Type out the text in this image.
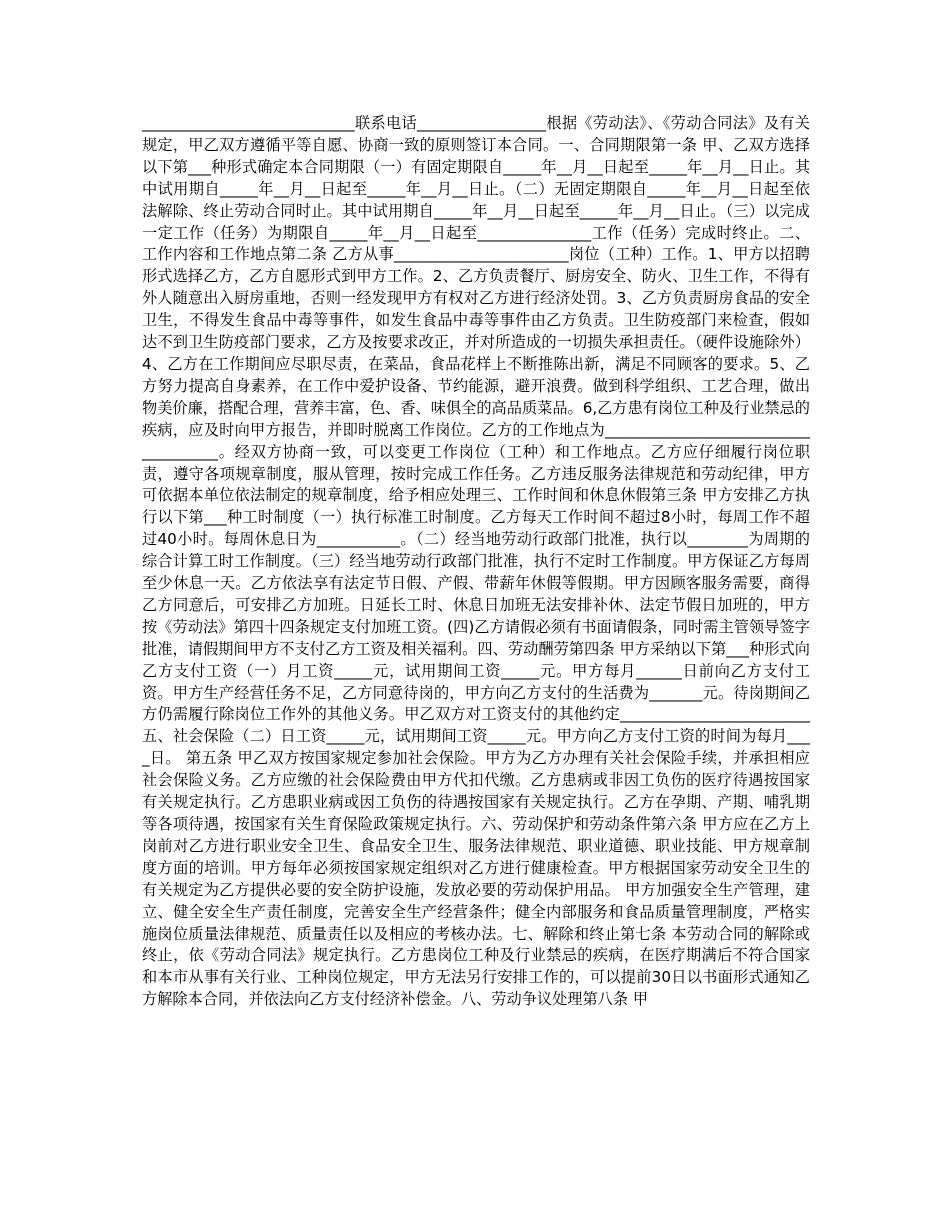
____________________________联系电话_________________根据《劳动法》、《劳动合同法》及有关规定，甲乙双方遵循平等自愿、协商一致的原则签订本合同。一、合同期限第一条 甲、乙双方选择以下第___种形式确定本合同期限（一）有固定期限自_____年__月__日起至_____年__月__日止。其中试用期自_____年__月__日起至_____年__月__日止。（二）无固定期限自_____年__月__日起至依法解除、终止劳动合同时止。其中试用期自_____年__月__日起至_____年__月__日止。（三）以完成一定工作（任务）为期限自_____年__月__日起至_______________工作（任务）完成时终止。二、工作内容和工作地点第二条 乙方从事_______________________岗位（工种）工作。1、甲方以招聘形式选择乙方，乙方自愿形式到甲方工作。2、乙方负责餐厅、厨房安全、防火、卫生工作，不得有外人随意出入厨房重地，否则一经发现甲方有权对乙方进行经济处罚。3、乙方负责厨房食品的安全卫生，不得发生食品中毒等事件，如发生食品中毒等事件由乙方负责。卫生防疫部门来检查，假如达不到卫生防疫部门要求，乙方及按要求改正，并对所造成的一切损失承担责任。（硬件设施除外）4、乙方在工作期间应尽职尽责，在菜品，食品花样上不断推陈出新，满足不同顾客的要求。5、乙方努力提高自身素养，在工作中爱护设备、节约能源，避开浪费。做到科学组织、工艺合理，做出物美价廉，搭配合理，营养丰富，色、香、味俱全的高品质菜品。6,乙方患有岗位工种及行业禁忌的疾病，应及时向甲方报告，并即时脱离工作岗位。乙方的工作地点为_____________________________________。经双方协商一致，可以变更工作岗位（工种）和工作地点。乙方应仔细履行岗位职责，遵守各项规章制度，服从管理，按时完成工作任务。乙方违反服务法律规范和劳动纪律，甲方可依据本单位依法制定的规章制度，给予相应处理三、工作时间和休息休假第三条 甲方安排乙方执行以下第___种工时制度（一）执行标准工时制度。乙方每天工作时间不超过8小时，每周工作不超过40小时。每周休息日为___________。（二）经当地劳动行政部门批准，执行以________为周期的综合计算工时工作制度。（三）经当地劳动行政部门批准，执行不定时工作制度。甲方保证乙方每周至少休息一天。乙方依法享有法定节日假、产假、带薪年休假等假期。甲方因顾客服务需要，商得乙方同意后，可安排乙方加班。日延长工时、休息日加班无法安排补休、法定节假日加班的，甲方按《劳动法》第四十四条规定支付加班工资。(四)乙方请假必须有书面请假条，同时需主管领导签字批准，请假期间甲方不支付乙方工资及相关福利。四、劳动酬劳第四条 甲方采纳以下第___种形式向乙方支付工资（一）月工资_____元，试用期间工资_____元。甲方每月______日前向乙方支付工资。甲方生产经营任务不足，乙方同意待岗的，甲方向乙方支付的生活费为_______元。待岗期间乙方仍需履行除岗位工作外的其他义务。甲乙双方对工资支付的其他约定_________________________五、社会保险（二）日工资_____元，试用期间工资_____元。甲方向乙方支付工资的时间为每月____日。 第五条 甲乙双方按国家规定参加社会保险。甲方为乙方办理有关社会保险手续，并承担相应社会保险义务。乙方应缴的社会保险费由甲方代扣代缴。乙方患病或非因工负伤的医疗待遇按国家有关规定执行。乙方患职业病或因工负伤的待遇按国家有关规定执行。乙方在孕期、产期、哺乳期等各项待遇，按国家有关生育保险政策规定执行。六、劳动保护和劳动条件第六条 甲方应在乙方上岗前对乙方进行职业安全卫生、食品安全卫生、服务法律规范、职业道德、职业技能、甲方规章制度方面的培训。甲方每年必须按国家规定组织对乙方进行健康检查。甲方根据国家劳动安全卫生的有关规定为乙方提供必要的安全防护设施，发放必要的劳动保护用品。 甲方加强安全生产管理，建立、健全安全生产责任制度，完善安全生产经营条件；健全内部服务和食品质量管理制度，严格实施岗位质量法律规范、质量责任以及相应的考核办法。七、解除和终止第七条 本劳动合同的解除或终止，依《劳动合同法》规定执行。乙方患岗位工种及行业禁忌的疾病，在医疗期满后不符合国家和本市从事有关行业、工种岗位规定，甲方无法另行安排工作的，可以提前30日以书面形式通知乙方解除本合同，并依法向乙方支付经济补偿金。八、劳动争议处理第八条 甲
